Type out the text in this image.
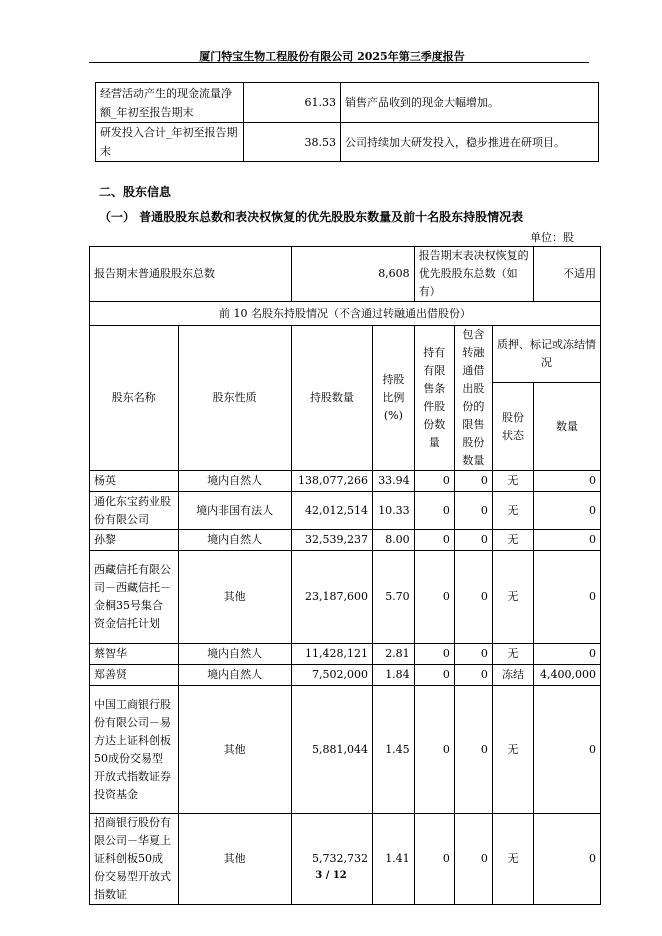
厦门特宝生物工程股份有限公司 2025年第三季度报告
经营活动产生的现金流量净额_年初至报告期末	61.33	销售产品收到的现金大幅增加。
研发投入合计_年初至报告期末	38.53	公司持续加大研发投入，稳步推进在研项目。
二、股东信息
（一） 普通股股东总数和表决权恢复的优先股股东数量及前十名股东持股情况表
单位：股
报告期末普通股股东总数		8,608		报告期末表决权恢复的优先股股东总数（如有）			不适用
前 10 名股东持股情况（不含通过转融通出借股份）							
股东名称	股东性质	持股数量	持股比例(%)	持有有限售条件股份数量	包含转融通借出股份的限售股份数量	质押、标记或冻结情况	
						股份状态	数量
杨英	境内自然人	138,077,266	33.94	0	0	无	0
通化东宝药业股份有限公司	境内非国有法人	42,012,514	10.33	0	0	无	0
孙黎	境内自然人	32,539,237	8.00	0	0	无	0
西藏信托有限公司－西藏信托－金桐35号集合资金信托计划	其他	23,187,600	5.70	0	0	无	0
蔡智华	境内自然人	11,428,121	2.81	0	0	无	0
郑善贤	境内自然人	7,502,000	1.84	0	0	冻结	4,400,000
中国工商银行股份有限公司－易方达上证科创板50成份交易型开放式指数证券投资基金	其他	5,881,044	1.45	0	0	无	0
招商银行股份有限公司－华夏上证科创板50成份交易型开放式指数证	其他	5,732,732	1.41	0	0	无	0
3 / 12
